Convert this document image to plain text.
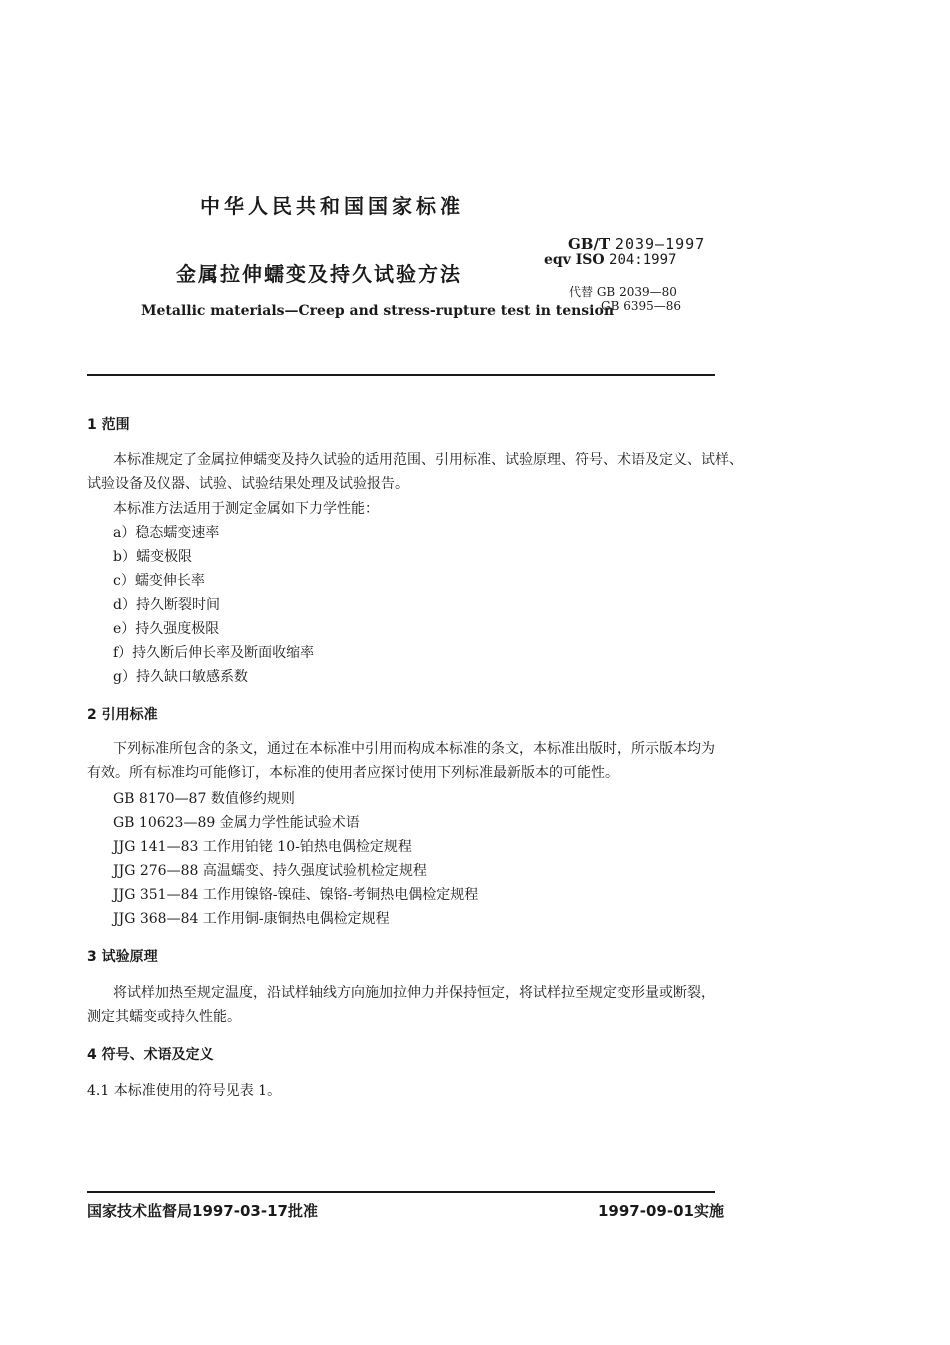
中华人民共和国国家标准
金属拉伸蠕变及持久试验方法
Metallic materials—Creep and stress-rupture test in tension
GB/T 2039—1997
eqv ISO 204:1997
代替 GB 2039—80
GB 6395—86
1 范围
本标准规定了金属拉伸蠕变及持久试验的适用范围、引用标准、试验原理、符号、术语及定义、试样、
试验设备及仪器、试验、试验结果处理及试验报告。
本标准方法适用于测定金属如下力学性能：
a）稳态蠕变速率
b）蠕变极限
c）蠕变伸长率
d）持久断裂时间
e）持久强度极限
f）持久断后伸长率及断面收缩率
g）持久缺口敏感系数
2 引用标准
下列标准所包含的条文，通过在本标准中引用而构成本标准的条文，本标准出版时，所示版本均为
有效。所有标准均可能修订，本标准的使用者应探讨使用下列标准最新版本的可能性。
GB 8170—87 数值修约规则
GB 10623—89 金属力学性能试验术语
JJG 141—83 工作用铂铑 10-铂热电偶检定规程
JJG 276—88 高温蠕变、持久强度试验机检定规程
JJG 351—84 工作用镍铬-镍硅、镍铬-考铜热电偶检定规程
JJG 368—84 工作用铜-康铜热电偶检定规程
3 试验原理
将试样加热至规定温度，沿试样轴线方向施加拉伸力并保持恒定，将试样拉至规定变形量或断裂，
测定其蠕变或持久性能。
4 符号、术语及定义
4.1 本标准使用的符号见表 1。
国家技术监督局1997-03-17批准	1997-09-01实施
